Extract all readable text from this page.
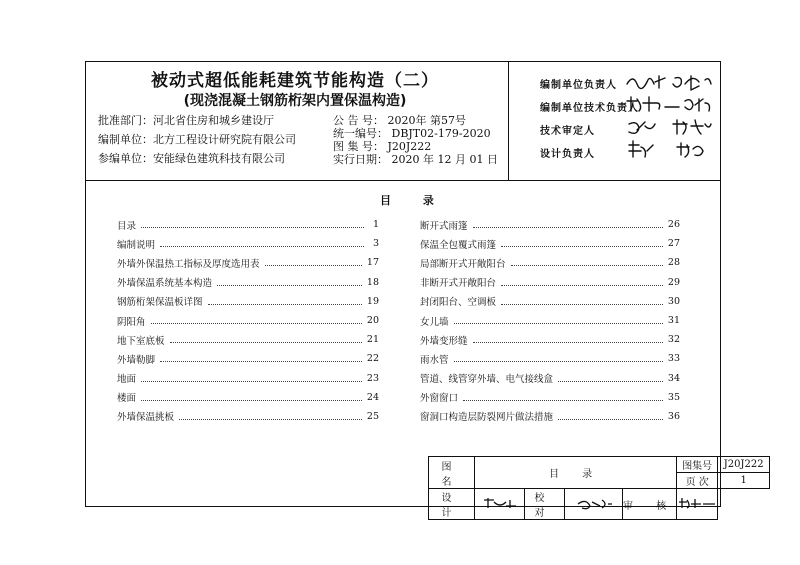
被动式超低能耗建筑节能构造（二）
(现浇混凝土钢筋桁架内置保温构造)
批准部门：河北省住房和城乡建设厅
编制单位：北方工程设计研究院有限公司
参编单位：安能绿色建筑科技有限公司
公 告 号： 2020年 第57号
统一编号： DBJT02-179-2020
图 集 号： J20J222
实行日期： 2020 年 12 月 01 日
编制单位负责人
编制单位技术负责人
技术审定人
设计负责人
目 录
目录	1
编制说明	3
外墙外保温热工指标及厚度选用表	17
外墙保温系统基本构造	18
钢筋桁架保温板详图	19
阴阳角	20
地下室底板	21
外墙勒脚	22
地面	23
楼面	24
外墙保温挑板	25
断开式雨篷	26
保温全包覆式雨篷	27
局部断开式开敞阳台	28
非断开式开敞阳台	29
封闭阳台、空调板	30
女儿墙	31
外墙变形缝	32
雨水管	33
管道、线管穿外墙、电气接线盒	34
外窗窗口	35
窗洞口构造层防裂网片做法措施	36
图 名	目 录				图集号	J20J222
					页 次	1
设 计		校 对		审 核	
